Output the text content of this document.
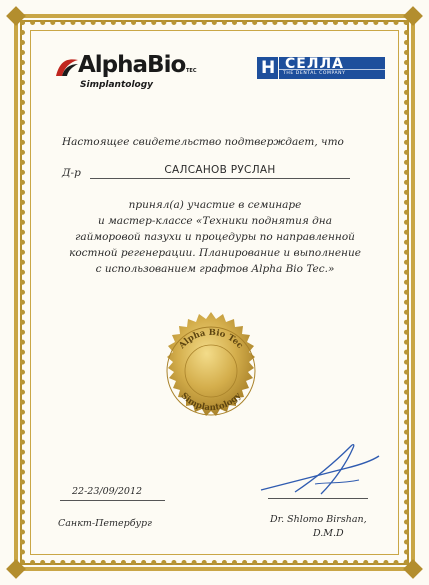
AlphaBio TEC
Simplantology
H СЕЛЛА
THE DENTAL COMPANY
Настоящее свидетельство подтверждает, что
Д-р	САЛСАНОВ РУСЛАН
принял(а) участие в семинаре
и мастер-классе «Техники поднятия дна
гайморовой пазухи и процедуры по направленной
костной регенерации. Планирование и выполнение
с использованием графтов Alpha Bio Tec.»
Alpha Bio Tec
Simplantology
22-23/09/2012
Санкт-Петербург	Dr. Shlomo Birshan,
D.M.D
